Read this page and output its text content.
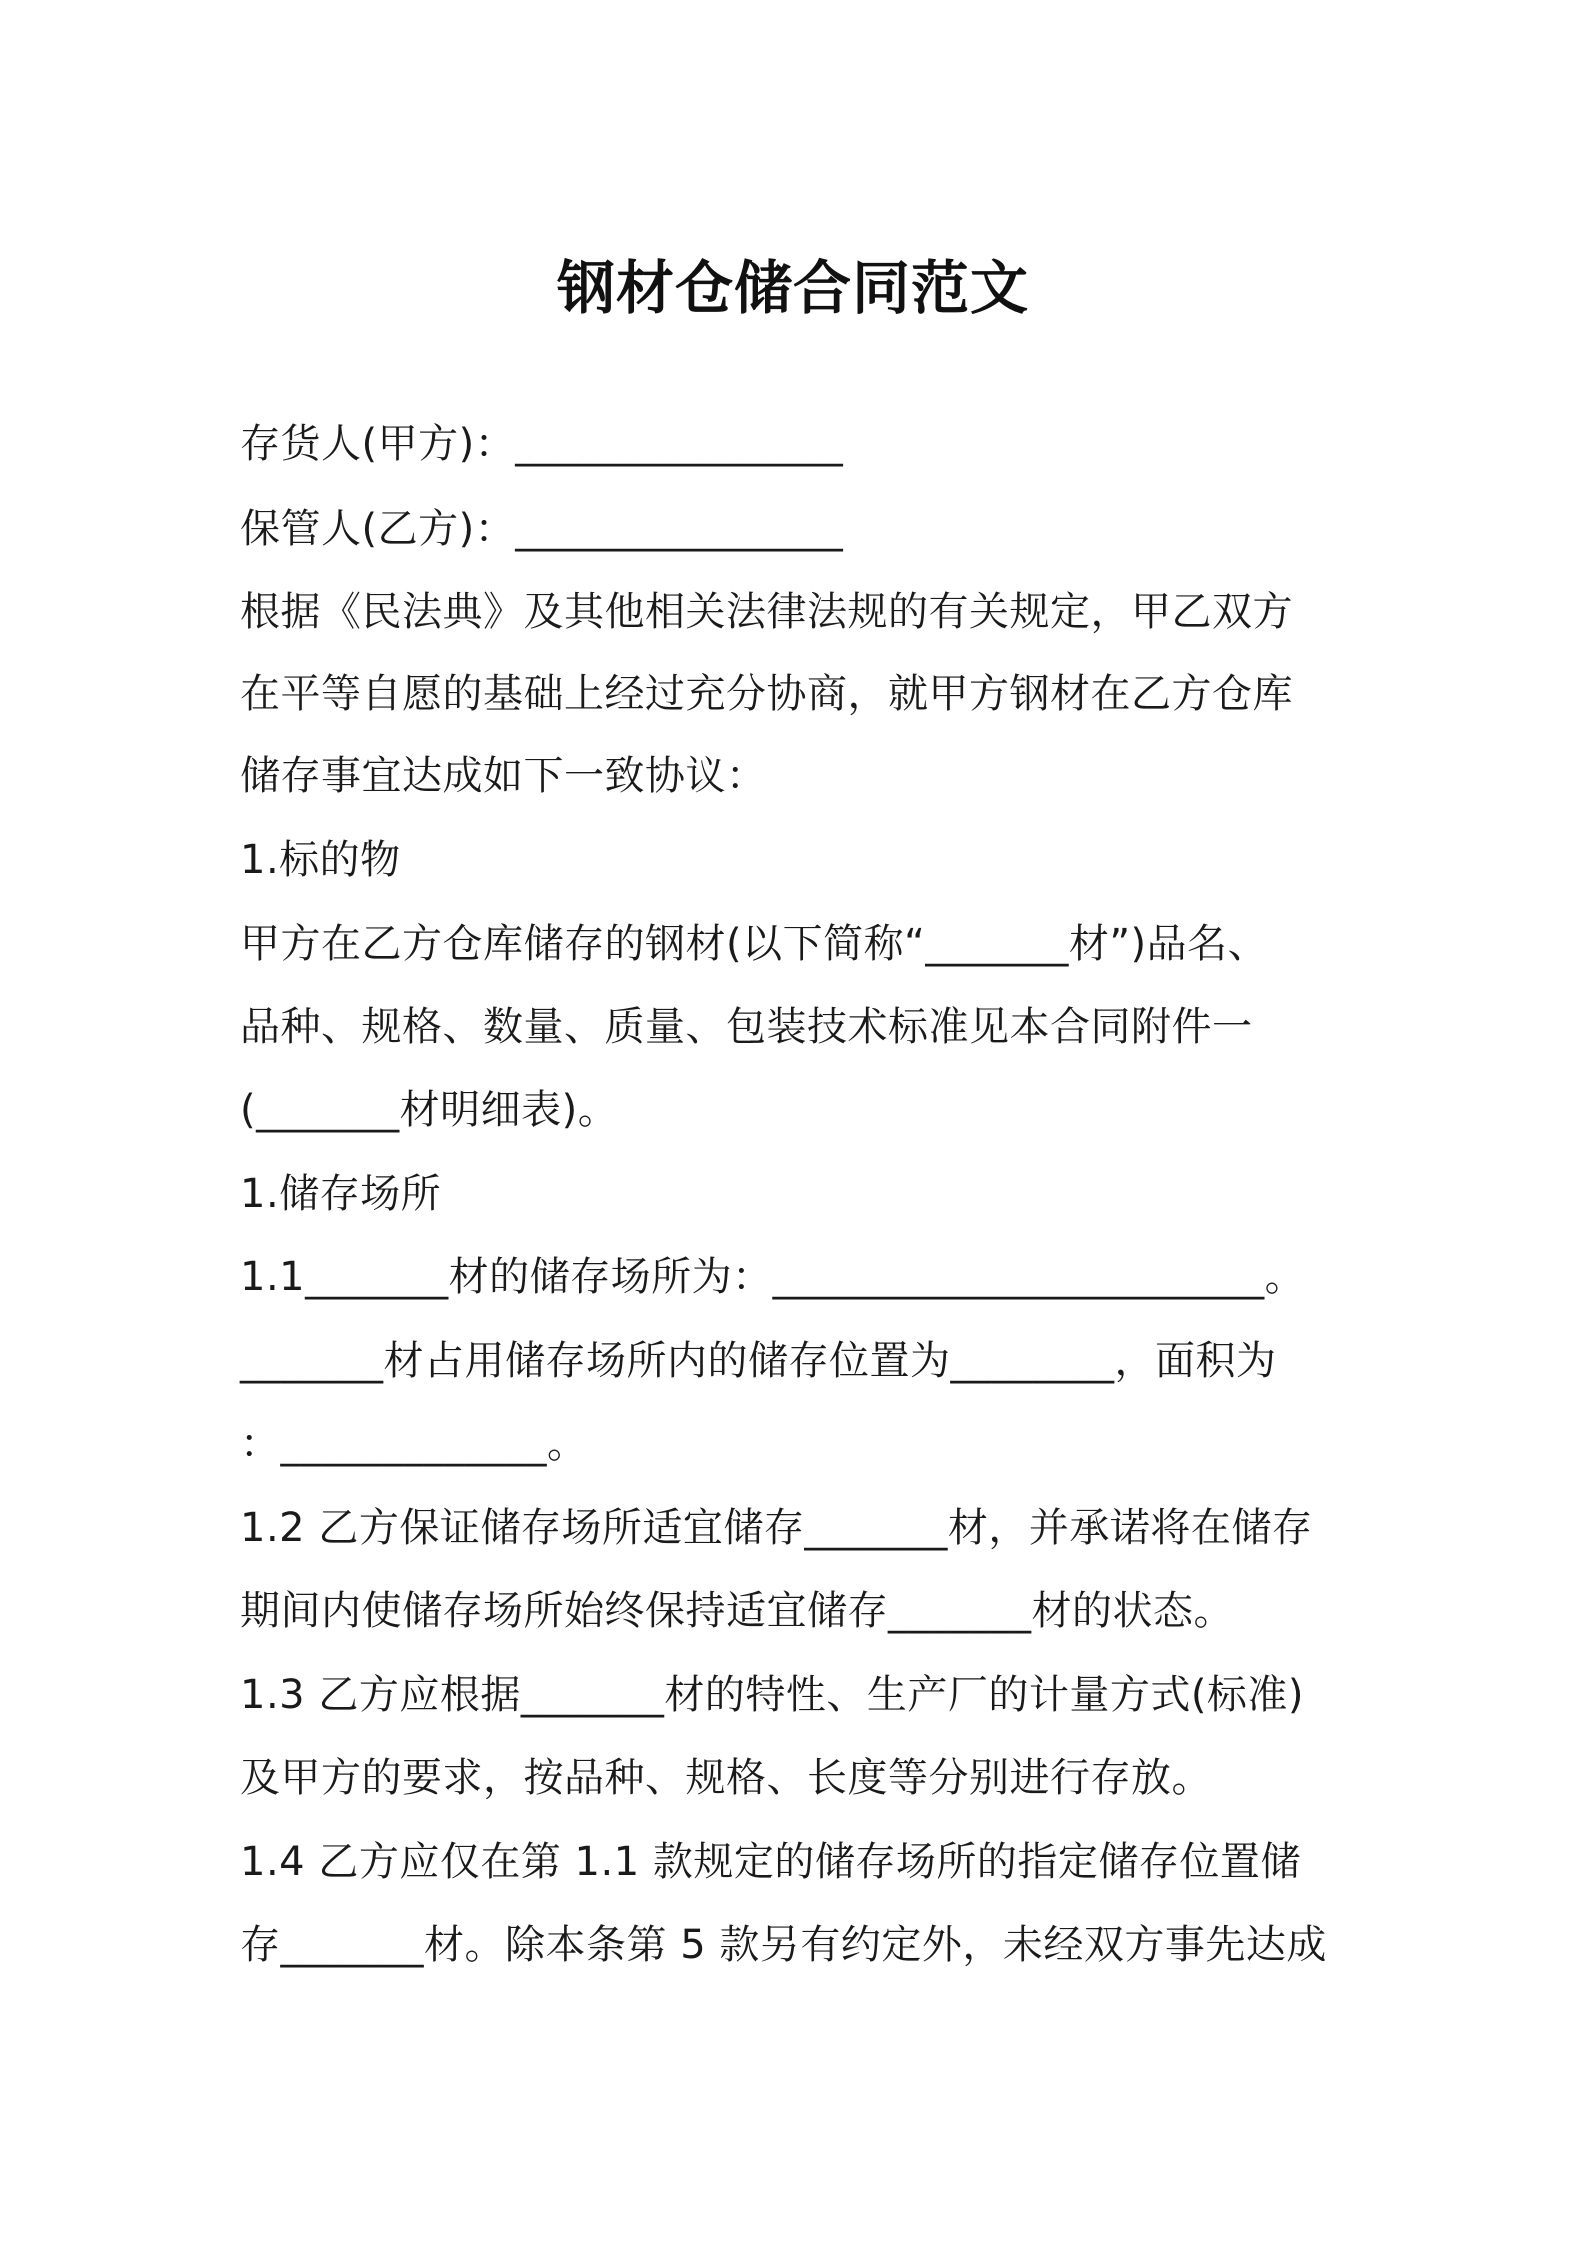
钢材仓储合同范文
存货人(甲方)：________________
保管人(乙方)：________________
根据《民法典》及其他相关法律法规的有关规定，甲乙双方
在平等自愿的基础上经过充分协商，就甲方钢材在乙方仓库
储存事宜达成如下一致协议：
1.标的物
甲方在乙方仓库储存的钢材(以下简称“_______材”)品名、
品种、规格、数量、质量、包装技术标准见本合同附件一
(_______材明细表)。
1.储存场所
1.1_______材的储存场所为：________________________。
_______材占用储存场所内的储存位置为________，面积为
：_____________。
1.2 乙方保证储存场所适宜储存_______材，并承诺将在储存
期间内使储存场所始终保持适宜储存_______材的状态。
1.3 乙方应根据_______材的特性、生产厂的计量方式(标准)
及甲方的要求，按品种、规格、长度等分别进行存放。
1.4 乙方应仅在第 1.1 款规定的储存场所的指定储存位置储
存_______材。除本条第 5 款另有约定外，未经双方事先达成
